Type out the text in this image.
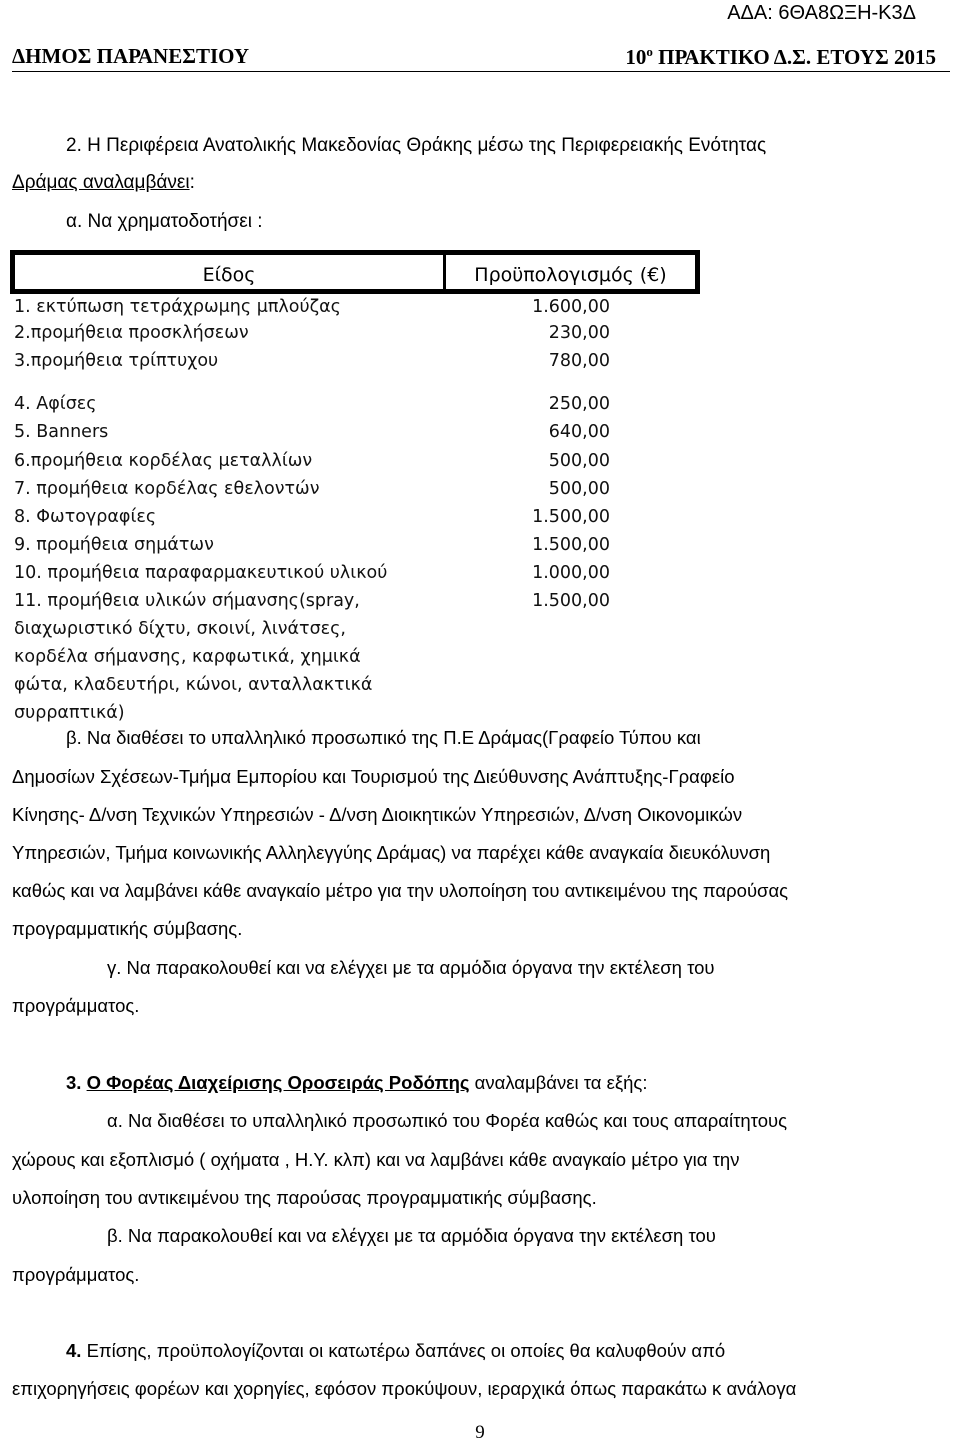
ΑΔΑ: 6ΘΑ8ΩΞΗ-Κ3Δ
ΔΗΜΟΣ ΠΑΡΑΝΕΣΤΙΟΥ	$10^o$ ΠΡΑΚΤΙΚΟ Δ.Σ. ΕΤΟΥΣ 2015
2. Η Περιφέρεια Ανατολικής Μακεδονίας Θράκης μέσω της Περιφερειακής Ενότητας
Δράμας αναλαμβάνει:
α. Να χρηματοδοτήσει :
Είδος	Προϋπολογισμός (€)
1. εκτύπωση τετράχρωμης μπλούζας	1.600,00
2.προμήθεια προσκλήσεων	230,00
3.προμήθεια τρίπτυχου	780,00
4. Αφίσες	250,00
5. Banners	640,00
6.προμήθεια κορδέλας μεταλλίων	500,00
7. προμήθεια κορδέλας εθελοντών	500,00
8. Φωτογραφίες	1.500,00
9. προμήθεια σημάτων	1.500,00
10. προμήθεια παραφαρμακευτικού υλικού	1.000,00
11. προμήθεια υλικών σήμανσης(spray,	1.500,00
διαχωριστικό δίχτυ, σκοινί, λινάτσες,
κορδέλα σήμανσης, καρφωτικά, χημικά
φώτα, κλαδευτήρι, κώνοι, ανταλλακτικά
συρραπτικά)
β. Να διαθέσει το υπαλληλικό προσωπικό της Π.Ε Δράμας(Γραφείο Τύπου και
Δημοσίων Σχέσεων-Τμήμα Εμπορίου και Τουρισμού της Διεύθυνσης Ανάπτυξης-Γραφείο
Κίνησης- Δ/νση Τεχνικών Υπηρεσιών - Δ/νση Διοικητικών Υπηρεσιών, Δ/νση Οικονομικών
Υπηρεσιών, Τμήμα κοινωνικής Αλληλεγγύης Δράμας) να παρέχει κάθε αναγκαία διευκόλυνση
καθώς και να λαμβάνει κάθε αναγκαίο μέτρο για την υλοποίηση του αντικειμένου της παρούσας
προγραμματικής σύμβασης.
γ. Να παρακολουθεί και να ελέγχει με τα αρμόδια όργανα την εκτέλεση του
προγράμματος.
3. Ο Φορέας Διαχείρισης Οροσειράς Ροδόπης αναλαμβάνει τα εξής:
α. Να διαθέσει το υπαλληλικό προσωπικό του Φορέα καθώς και τους απαραίτητους
χώρους και εξοπλισμό ( οχήματα , Η.Υ. κλπ) και να λαμβάνει κάθε αναγκαίο μέτρο για την
υλοποίηση του αντικειμένου της παρούσας προγραμματικής σύμβασης.
β. Να παρακολουθεί και να ελέγχει με τα αρμόδια όργανα την εκτέλεση του
προγράμματος.
4. Επίσης, προϋπολογίζονται οι κατωτέρω δαπάνες οι οποίες θα καλυφθούν από
επιχορηγήσεις φορέων και χορηγίες, εφόσον προκύψουν, ιεραρχικά όπως παρακάτω κ ανάλογα
9
